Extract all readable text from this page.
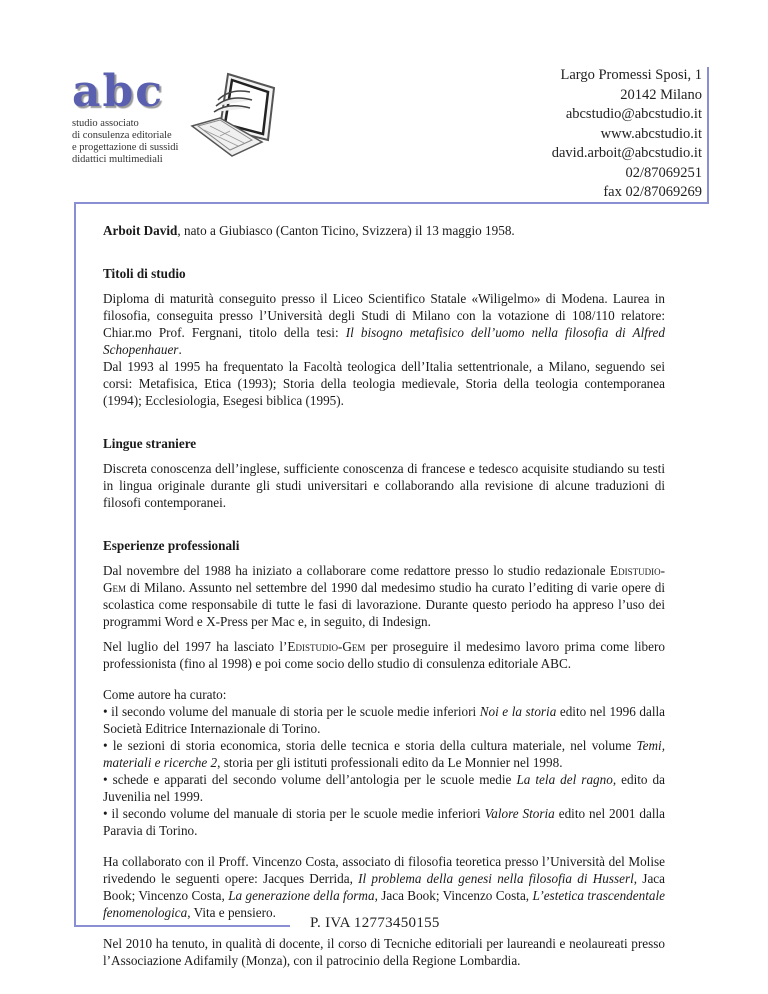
abc
studio associato
di consulenza editoriale
e progettazione di sussidi
didattici multimediali
Largo Promessi Sposi, 1
20142 Milano
abcstudio@abcstudio.it
www.abcstudio.it
david.arboit@abcstudio.it
02/87069251
fax 02/87069269

Arboit David, nato a Giubiasco (Canton Ticino, Svizzera) il 13 maggio 1958.

Titoli di studio

Diploma di maturità conseguito presso il Liceo Scientifico Statale «Wiligelmo» di Modena. Laurea in filosofia, conseguita presso l’Università degli Studi di Milano con la votazione di 108/110 relatore: Chiar.mo Prof. Fergnani, titolo della tesi: Il bisogno metafisico dell’uomo nella filosofia di Alfred Schopenhauer.

Dal 1993 al 1995 ha frequentato la Facoltà teologica dell’Italia settentrionale, a Milano, seguendo sei corsi: Metafisica, Etica (1993); Storia della teologia medievale, Storia della teologia contemporanea (1994); Ecclesiologia, Esegesi biblica (1995).

Lingue straniere

Discreta conoscenza dell’inglese, sufficiente conoscenza di francese e tedesco acquisite studiando su testi in lingua originale durante gli studi universitari e collaborando alla revisione di alcune traduzioni di filosofi contemporanei.

Esperienze professionali

Dal novembre del 1988 ha iniziato a collaborare come redattore presso lo studio redazionale Edistudio-Gem di Milano. Assunto nel settembre del 1990 dal medesimo studio ha curato l’editing di varie opere di scolastica come responsabile di tutte le fasi di lavorazione. Durante questo periodo ha appreso l’uso dei programmi Word e X-Press per Mac e, in seguito, di Indesign.

Nel luglio del 1997 ha lasciato l’Edistudio-Gem per proseguire il medesimo lavoro prima come libero professionista (fino al 1998) e poi come socio dello studio di consulenza editoriale ABC.

Come autore ha curato:

• il secondo volume del manuale di storia per le scuole medie inferiori Noi e la storia edito nel 1996 dalla Società Editrice Internazionale di Torino.

• le sezioni di storia economica, storia delle tecnica e storia della cultura materiale, nel volume Temi, materiali e ricerche 2, storia per gli istituti professionali edito da Le Monnier nel 1998.

• schede e apparati del secondo volume dell’antologia per le scuole medie La tela del ragno, edito da Juvenilia nel 1999.

• il secondo volume del manuale di storia per le scuole medie inferiori Valore Storia edito nel 2001 dalla Paravia di Torino.

Ha collaborato con il Proff. Vincenzo Costa, associato di filosofia teoretica presso l’Università del Molise rivedendo le seguenti opere: Jacques Derrida, Il problema della genesi nella filosofia di Husserl, Jaca Book; Vincenzo Costa, La generazione della forma, Jaca Book; Vincenzo Costa, L’estetica trascendentale fenomenologica, Vita e pensiero.

Nel 2010 ha tenuto, in qualità di docente, il corso di Tecniche editoriali per laureandi e neolaureati presso l’Associazione Adifamily (Monza), con il patrocinio della Regione Lombardia.

P. IVA 12773450155
